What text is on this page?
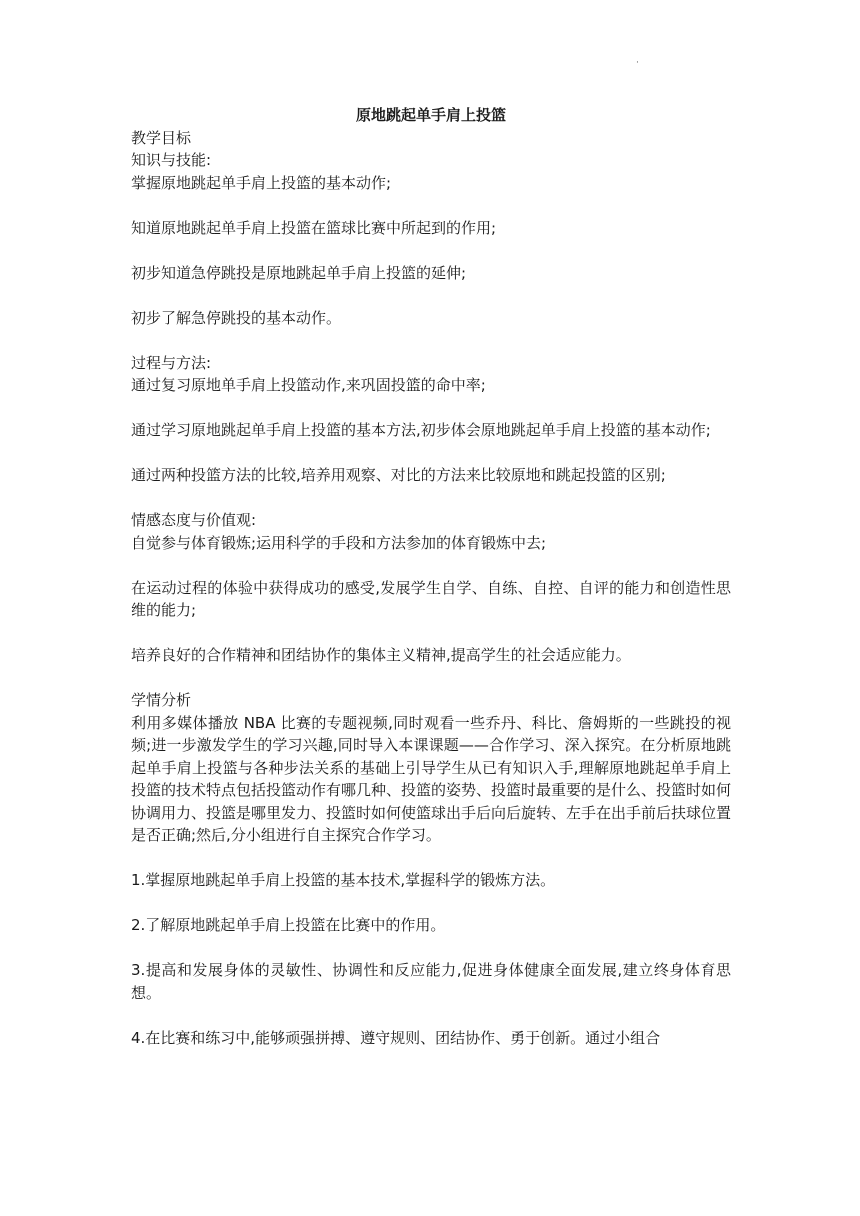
·

原地跳起单手肩上投篮

教学目标

知识与技能:

掌握原地跳起单手肩上投篮的基本动作;

知道原地跳起单手肩上投篮在篮球比赛中所起到的作用;

初步知道急停跳投是原地跳起单手肩上投篮的延伸;

初步了解急停跳投的基本动作。

过程与方法:

通过复习原地单手肩上投篮动作,来巩固投篮的命中率;

通过学习原地跳起单手肩上投篮的基本方法,初步体会原地跳起单手肩上投篮的基本动作;

通过两种投篮方法的比较,培养用观察、对比的方法来比较原地和跳起投篮的区别;

情感态度与价值观:

自觉参与体育锻炼;运用科学的手段和方法参加的体育锻炼中去;

在运动过程的体验中获得成功的感受,发展学生自学、自练、自控、自评的能力和创造性思维的能力;

培养良好的合作精神和团结协作的集体主义精神,提高学生的社会适应能力。

学情分析

利用多媒体播放 NBA 比赛的专题视频,同时观看一些乔丹、科比、詹姆斯的一些跳投的视频;进一步激发学生的学习兴趣,同时导入本课课题——合作学习、深入探究。在分析原地跳起单手肩上投篮与各种步法关系的基础上引导学生从已有知识入手,理解原地跳起单手肩上投篮的技术特点包括投篮动作有哪几种、投篮的姿势、投篮时最重要的是什么、投篮时如何协调用力、投篮是哪里发力、投篮时如何使篮球出手后向后旋转、左手在出手前后扶球位置是否正确;然后,分小组进行自主探究合作学习。

1.掌握原地跳起单手肩上投篮的基本技术,掌握科学的锻炼方法。

2.了解原地跳起单手肩上投篮在比赛中的作用。

3.提高和发展身体的灵敏性、协调性和反应能力,促进身体健康全面发展,建立终身体育思想。

4.在比赛和练习中,能够顽强拼搏、遵守规则、团结协作、勇于创新。通过小组合
